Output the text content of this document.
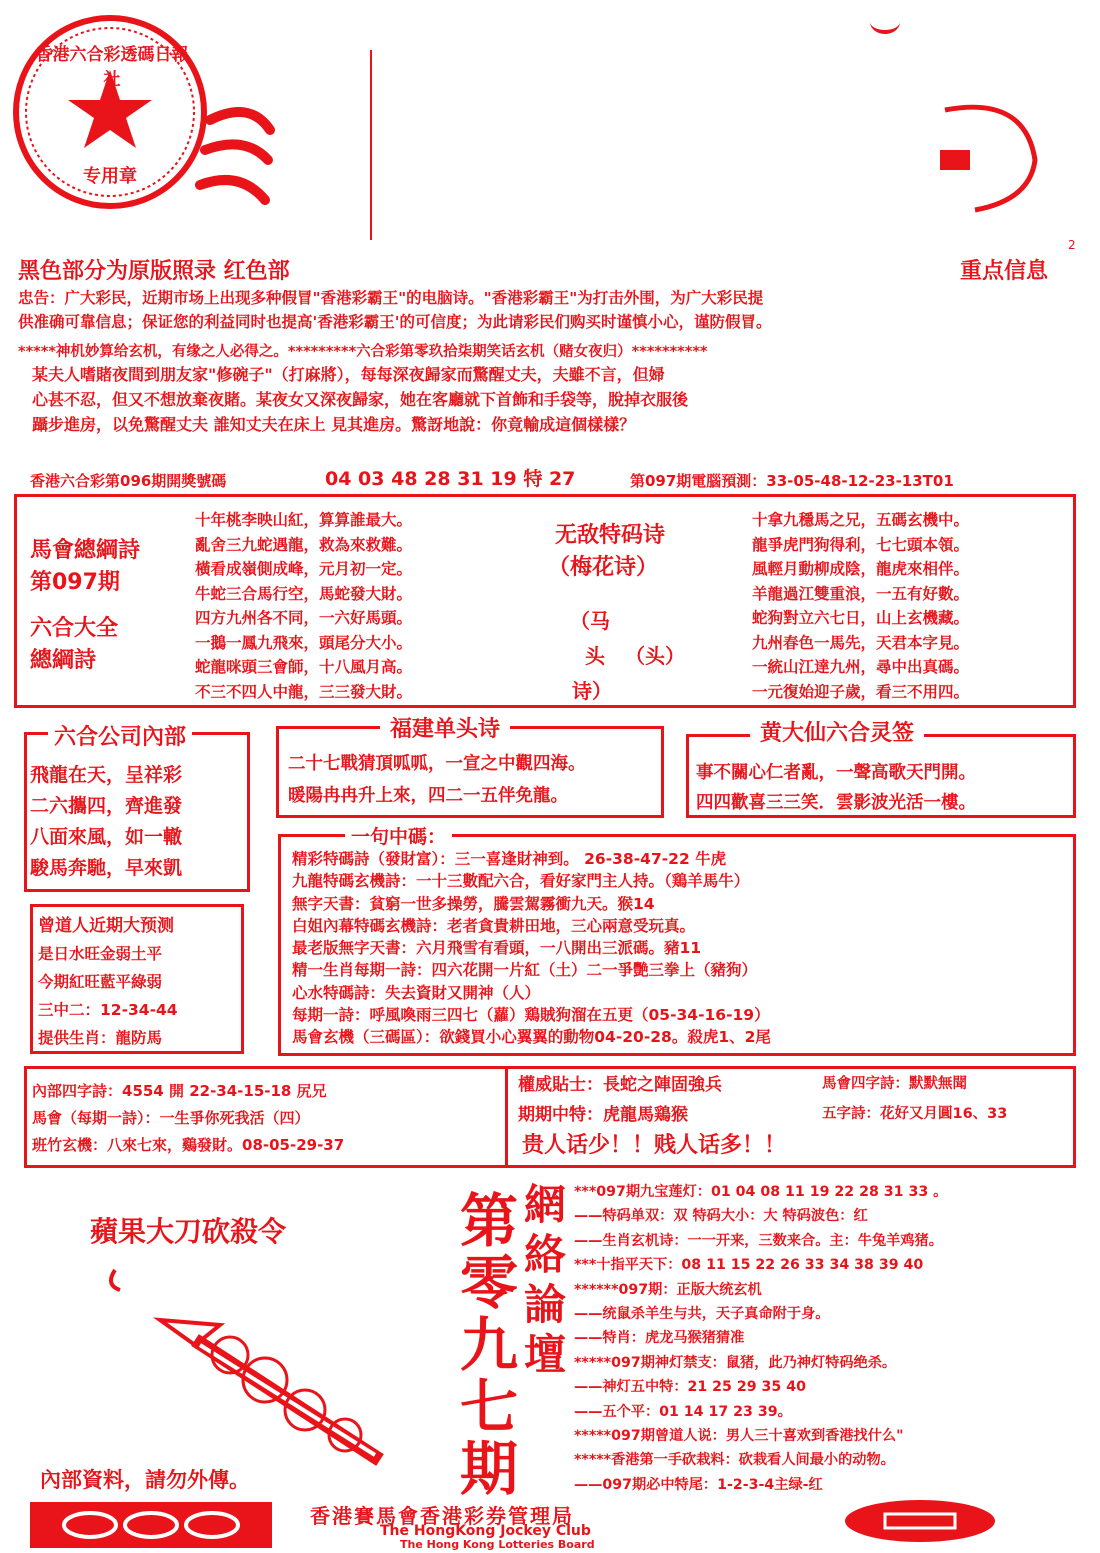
香港六合彩透碼日報社
专用章
黑色部分为原版照录 红色部	重点信息
2
忠告：广大彩民，近期市场上出现多种假冒"香港彩霸王"的电脑诗。"香港彩霸王"为打击外围，为广大彩民提
供准确可靠信息；保证您的利益同时也提高'香港彩霸王'的可信度；为此请彩民们购买时谨慎小心，谨防假冒。
*****神机妙算给玄机，有缘之人必得之。*********六合彩第零玖拾柒期笑话玄机（赌女夜归）**********
某夫人嗜賭夜間到朋友家"修碗子"（打麻將），每每深夜歸家而驚醒丈夫，夫雖不言，但婦
心甚不忍，但又不想放棄夜賭。某夜女又深夜歸家，她在客廳就下首飾和手袋等，脫掉衣服後
躡步進房，以免驚醒丈夫 誰知丈夫在床上 見其進房。驚訝地說：你竟輸成這個樣樣？
香港六合彩第096期開獎號碼	04 03 48 28 31 19 特 27	第097期電腦預測：33-05-48-12-23-13T01
馬會總綱詩
第097期
六合大全
總綱詩
十年桃李映山紅，算算誰最大。
亂舍三九蛇遇龍，救為來救難。
橫看成嶺側成峰，元月初一定。
牛蛇三合馬行空，馬蛇發大財。
四方九州各不同，一六好馬頭。
一鵝一鳳九飛來，頭尾分大小。
蛇龍咪頭三會師，十八風月高。
不三不四人中龍，三三發大財。
无敌特码诗
（梅花诗）
（马
头 （头）
诗）
十拿九穩馬之兄，五碼玄機中。
龍爭虎門狗得利，七七頭本領。
風輕月動柳成陰，龍虎來相伴。
羊龍過江雙重浪，一五有好數。
蛇狗對立六七日，山上玄機藏。
九州春色一馬先，天君本字見。
一統山江達九州，尋中出真碼。
一元復始迎子歲，看三不用四。
六合公司內部
飛龍在天，呈祥彩
二六攜四，齊進發
八面來風，如一轍
駿馬奔馳，早來凱
福建单头诗
二十七戰猜頂呱呱，一宣之中觀四海。
暖陽冉冉升上來，四二一五伴免龍。
黄大仙六合灵签
事不關心仁者亂，一聲高歌天門開。
四四歡喜三三笑．雲影波光活一樓。
曾道人近期大预测
是日水旺金弱土平
今期紅旺藍平綠弱
三中二：12-34-44
提供生肖：龍防馬
一句中碼：
精彩特碼詩（發財富）：三一喜逢財神到。 26-38-47-22 牛虎
九龍特碼玄機詩：一十三數配六合，看好家門主人持。（鶏羊馬牛）
無字天書：貧窮一世多操勞，騰雲駕霧衝九天。猴14
白姐內幕特碼玄機詩：老者貪貴耕田地，三心兩意受玩真。
最老版無字天書：六月飛雪有看頭，一八開出三派碼。豬11
精一生肖每期一詩：四六花開一片紅（土）二一爭艷三拳上（豬狗）
心水特碼詩：失去資財又開神（人）
每期一詩：呼風喚雨三四七（蘿）鶏賊狗溜在五更（05-34-16-19）
馬會玄機（三碼區）：欲錢買小心翼翼的動物04-20-28。殺虎1、2尾
內部四字詩：4554 開 22-34-15-18 尻兄
馬會（每期一詩）：一生爭你死我活（四）
班竹玄機：八來七來，鷄發財。08-05-29-37
權威貼士：長蛇之陣固強兵	馬會四字詩：默默無聞
期期中特：虎龍馬鶏猴	五字詩：花好又月圓16、33
贵人话少！！贱人话多！！
蘋果大刀砍殺令
內部資料，請勿外傳。
第零九七期
網絡論壇
***097期九宝莲灯：01 04 08 11 19 22 28 31 33 。
——特码单双：双 特码大小：大 特码波色：红
——生肖玄机诗：一一开来，三数来合。主：牛兔羊鸡猪。
***十指平天下：08 11 15 22 26 33 34 38 39 40
******097期：正版大统玄机
——统鼠杀羊生与共，天子真命附于身。
——特肖：虎龙马猴猪猜准
*****097期神灯禁支：鼠猪，此乃神灯特码绝杀。
——神灯五中特：21 25 29 35 40
——五个平：01 14 17 23 39。
*****097期曾道人说：男人三十喜欢到香港找什么"
*****香港第一手砍栽料：砍栽看人间最小的动物。
——097期必中特尾：1-2-3-4主绿-红
香港賽馬會香港彩券管理局
The HongKong Jockey Club
The Hong Kong Lotteries Board
